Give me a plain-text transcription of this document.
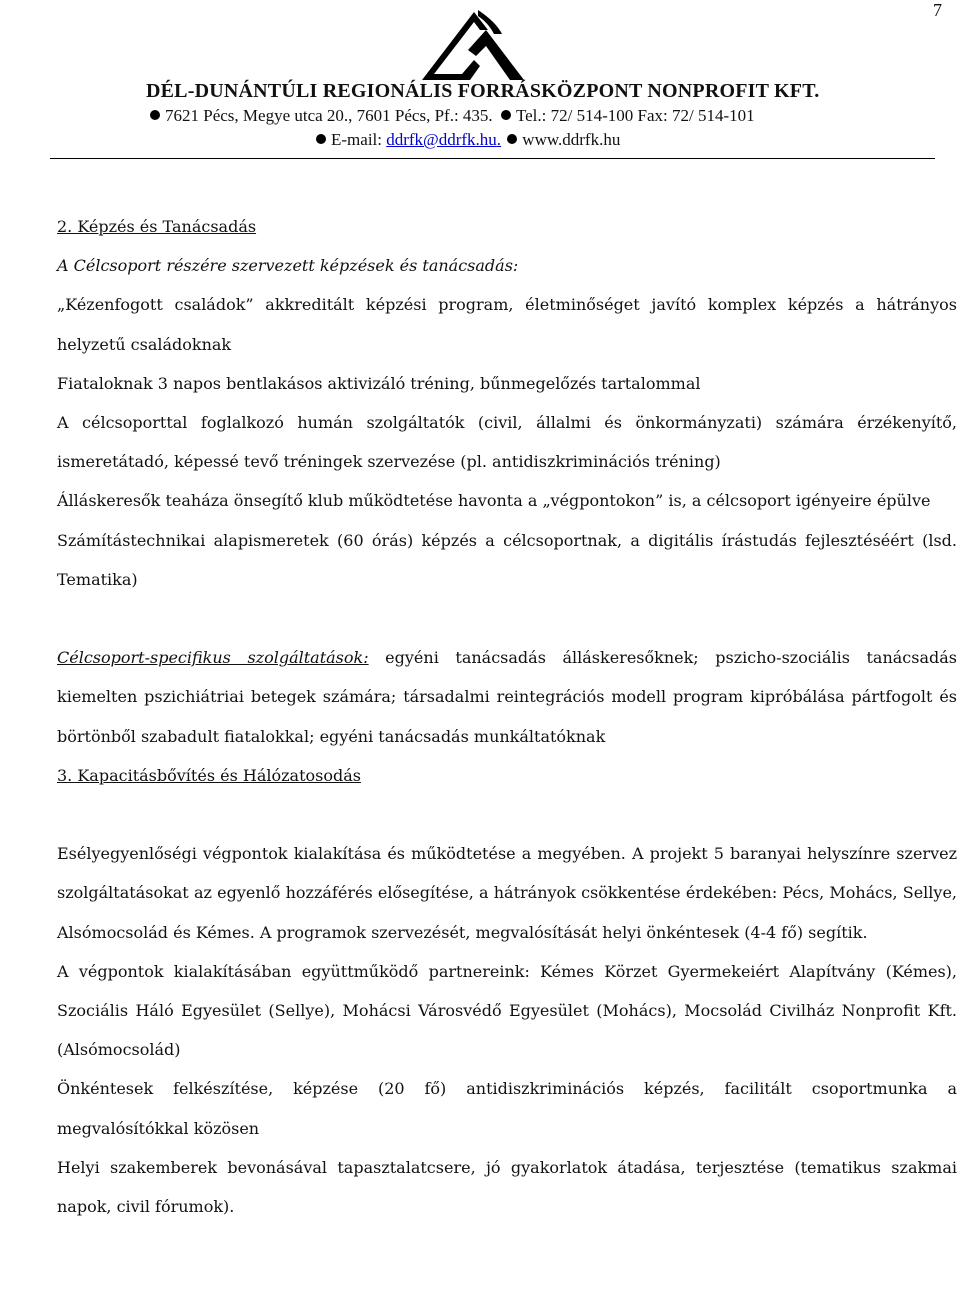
7
DÉL-DUNÁNTÚLI REGIONÁLIS FORRÁSKÖZPONT NONPROFIT KFT.
7621 Pécs, Megye utca 20., 7601 Pécs, Pf.: 435. Tel.: 72/ 514-100 Fax: 72/ 514-101
E-mail: ddrfk@ddrfk.hu. www.ddrfk.hu

2. Képzés és Tanácsadás

A Célcsoport részére szervezett képzések és tanácsadás:

„Kézenfogott családok” akkreditált képzési program, életminőséget javító komplex képzés a hátrányos helyzetű családoknak

Fiataloknak 3 napos bentlakásos aktivizáló tréning, bűnmegelőzés tartalommal

A célcsoporttal foglalkozó humán szolgáltatók (civil, állalmi és önkormányzati) számára érzékenyítő, ismeretátadó, képessé tevő tréningek szervezése (pl. antidiszkriminációs tréning)

Álláskeresők teaháza önsegítő klub működtetése havonta a „végpontokon” is, a célcsoport igényeire épülve

Számítástechnikai alapismeretek (60 órás) képzés a célcsoportnak, a digitális írástudás fejlesztéséért (lsd. Tematika)

Célcsoport-specifikus szolgáltatások: egyéni tanácsadás álláskeresőknek; pszicho-szociális tanácsadás kiemelten pszichiátriai betegek számára; társadalmi reintegrációs modell program kipróbálása pártfogolt és börtönből szabadult fiatalokkal; egyéni tanácsadás munkáltatóknak

3. Kapacitásbővítés és Hálózatosodás

Esélyegyenlőségi végpontok kialakítása és működtetése a megyében. A projekt 5 baranyai helyszínre szervez szolgáltatásokat az egyenlő hozzáférés elősegítése, a hátrányok csökkentése érdekében: Pécs, Mohács, Sellye, Alsómocsolád és Kémes. A programok szervezését, megvalósítását helyi önkéntesek (4-4 fő) segítik.

A végpontok kialakításában együttműködő partnereink: Kémes Körzet Gyermekeiért Alapítvány (Kémes), Szociális Háló Egyesület (Sellye), Mohácsi Városvédő Egyesület (Mohács), Mocsolád Civilház Nonprofit Kft. (Alsómocsolád)

Önkéntesek felkészítése, képzése (20 fő) antidiszkriminációs képzés, facilitált csoportmunka a megvalósítókkal közösen

Helyi szakemberek bevonásával tapasztalatcsere, jó gyakorlatok átadása, terjesztése (tematikus szakmai napok, civil fórumok).
